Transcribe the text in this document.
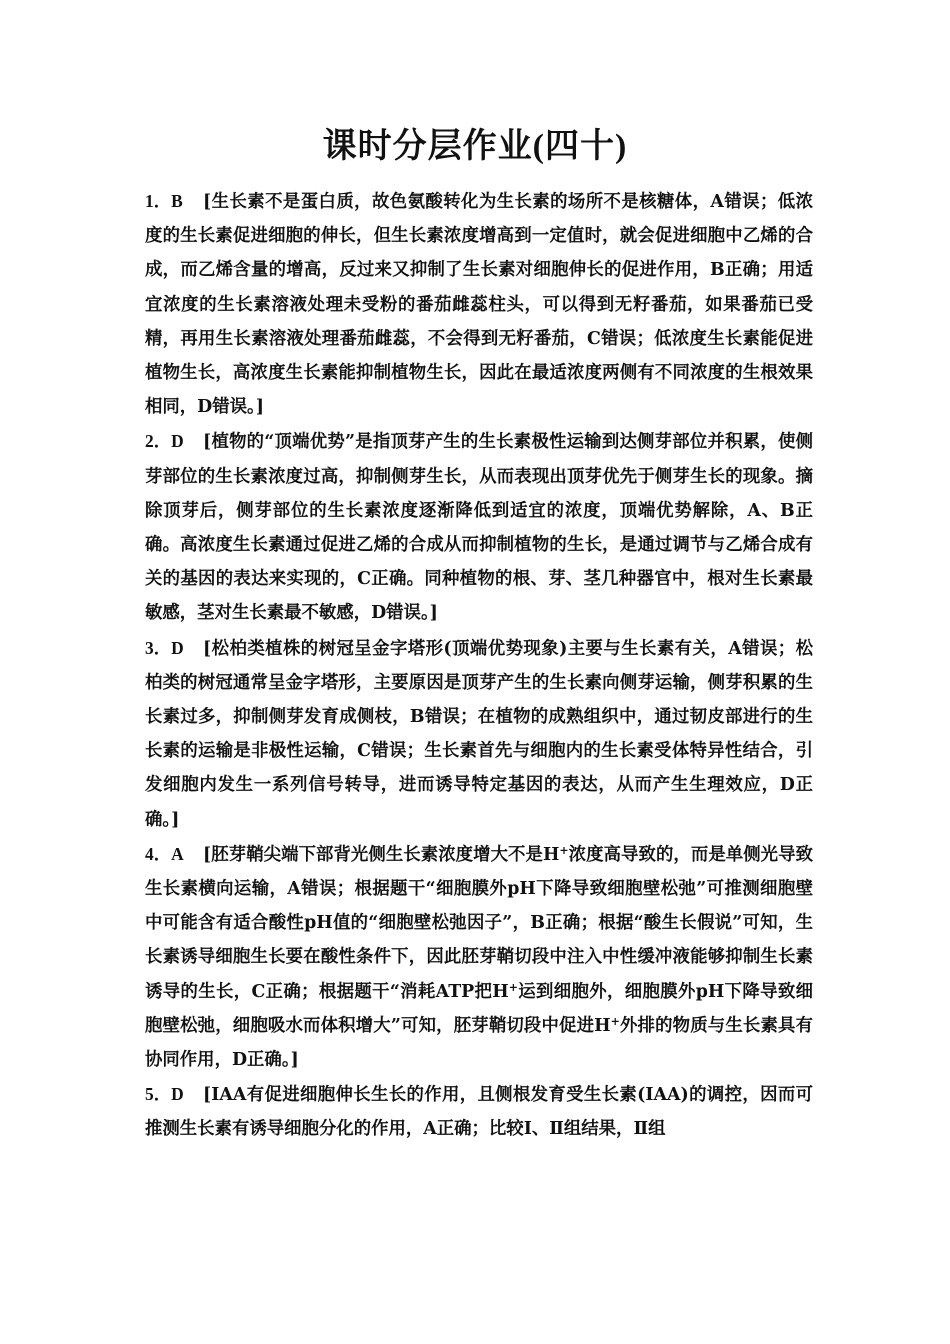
课时分层作业(四十)

1．B [生长素不是蛋白质，故色氨酸转化为生长素的场所不是核糖体，A错误；低浓度的生长素促进细胞的伸长，但生长素浓度增高到一定值时，就会促进细胞中乙烯的合成，而乙烯含量的增高，反过来又抑制了生长素对细胞伸长的促进作用，B正确；用适宜浓度的生长素溶液处理未受粉的番茄雌蕊柱头，可以得到无籽番茄，如果番茄已受精，再用生长素溶液处理番茄雌蕊，不会得到无籽番茄，C错误；低浓度生长素能促进植物生长，高浓度生长素能抑制植物生长，因此在最适浓度两侧有不同浓度的生根效果相同，D错误。]

2．D [植物的“顶端优势”是指顶芽产生的生长素极性运输到达侧芽部位并积累，使侧芽部位的生长素浓度过高，抑制侧芽生长，从而表现出顶芽优先于侧芽生长的现象。摘除顶芽后，侧芽部位的生长素浓度逐渐降低到适宜的浓度，顶端优势解除，A、B正确。高浓度生长素通过促进乙烯的合成从而抑制植物的生长，是通过调节与乙烯合成有关的基因的表达来实现的，C正确。同种植物的根、芽、茎几种器官中，根对生长素最敏感，茎对生长素最不敏感，D错误。]

3．D [松柏类植株的树冠呈金字塔形(顶端优势现象)主要与生长素有关，A错误；松柏类的树冠通常呈金字塔形，主要原因是顶芽产生的生长素向侧芽运输，侧芽积累的生长素过多，抑制侧芽发育成侧枝，B错误；在植物的成熟组织中，通过韧皮部进行的生长素的运输是非极性运输，C错误；生长素首先与细胞内的生长素受体特异性结合，引发细胞内发生一系列信号转导，进而诱导特定基因的表达，从而产生生理效应，D正确。]

4．A [胚芽鞘尖端下部背光侧生长素浓度增大不是H+浓度高导致的，而是单侧光导致生长素横向运输，A错误；根据题干“细胞膜外pH下降导致细胞壁松弛”可推测细胞壁中可能含有适合酸性pH值的“细胞壁松弛因子”，B正确；根据“酸生长假说”可知，生长素诱导细胞生长要在酸性条件下，因此胚芽鞘切段中注入中性缓冲液能够抑制生长素诱导的生长，C正确；根据题干“消耗ATP把H+运到细胞外，细胞膜外pH下降导致细胞壁松弛，细胞吸水而体积增大”可知，胚芽鞘切段中促进H+外排的物质与生长素具有协同作用，D正确。]

5．D [IAA有促进细胞伸长生长的作用，且侧根发育受生长素(IAA)的调控，因而可推测生长素有诱导细胞分化的作用，A正确；比较Ⅰ、Ⅱ组结果，Ⅱ组
